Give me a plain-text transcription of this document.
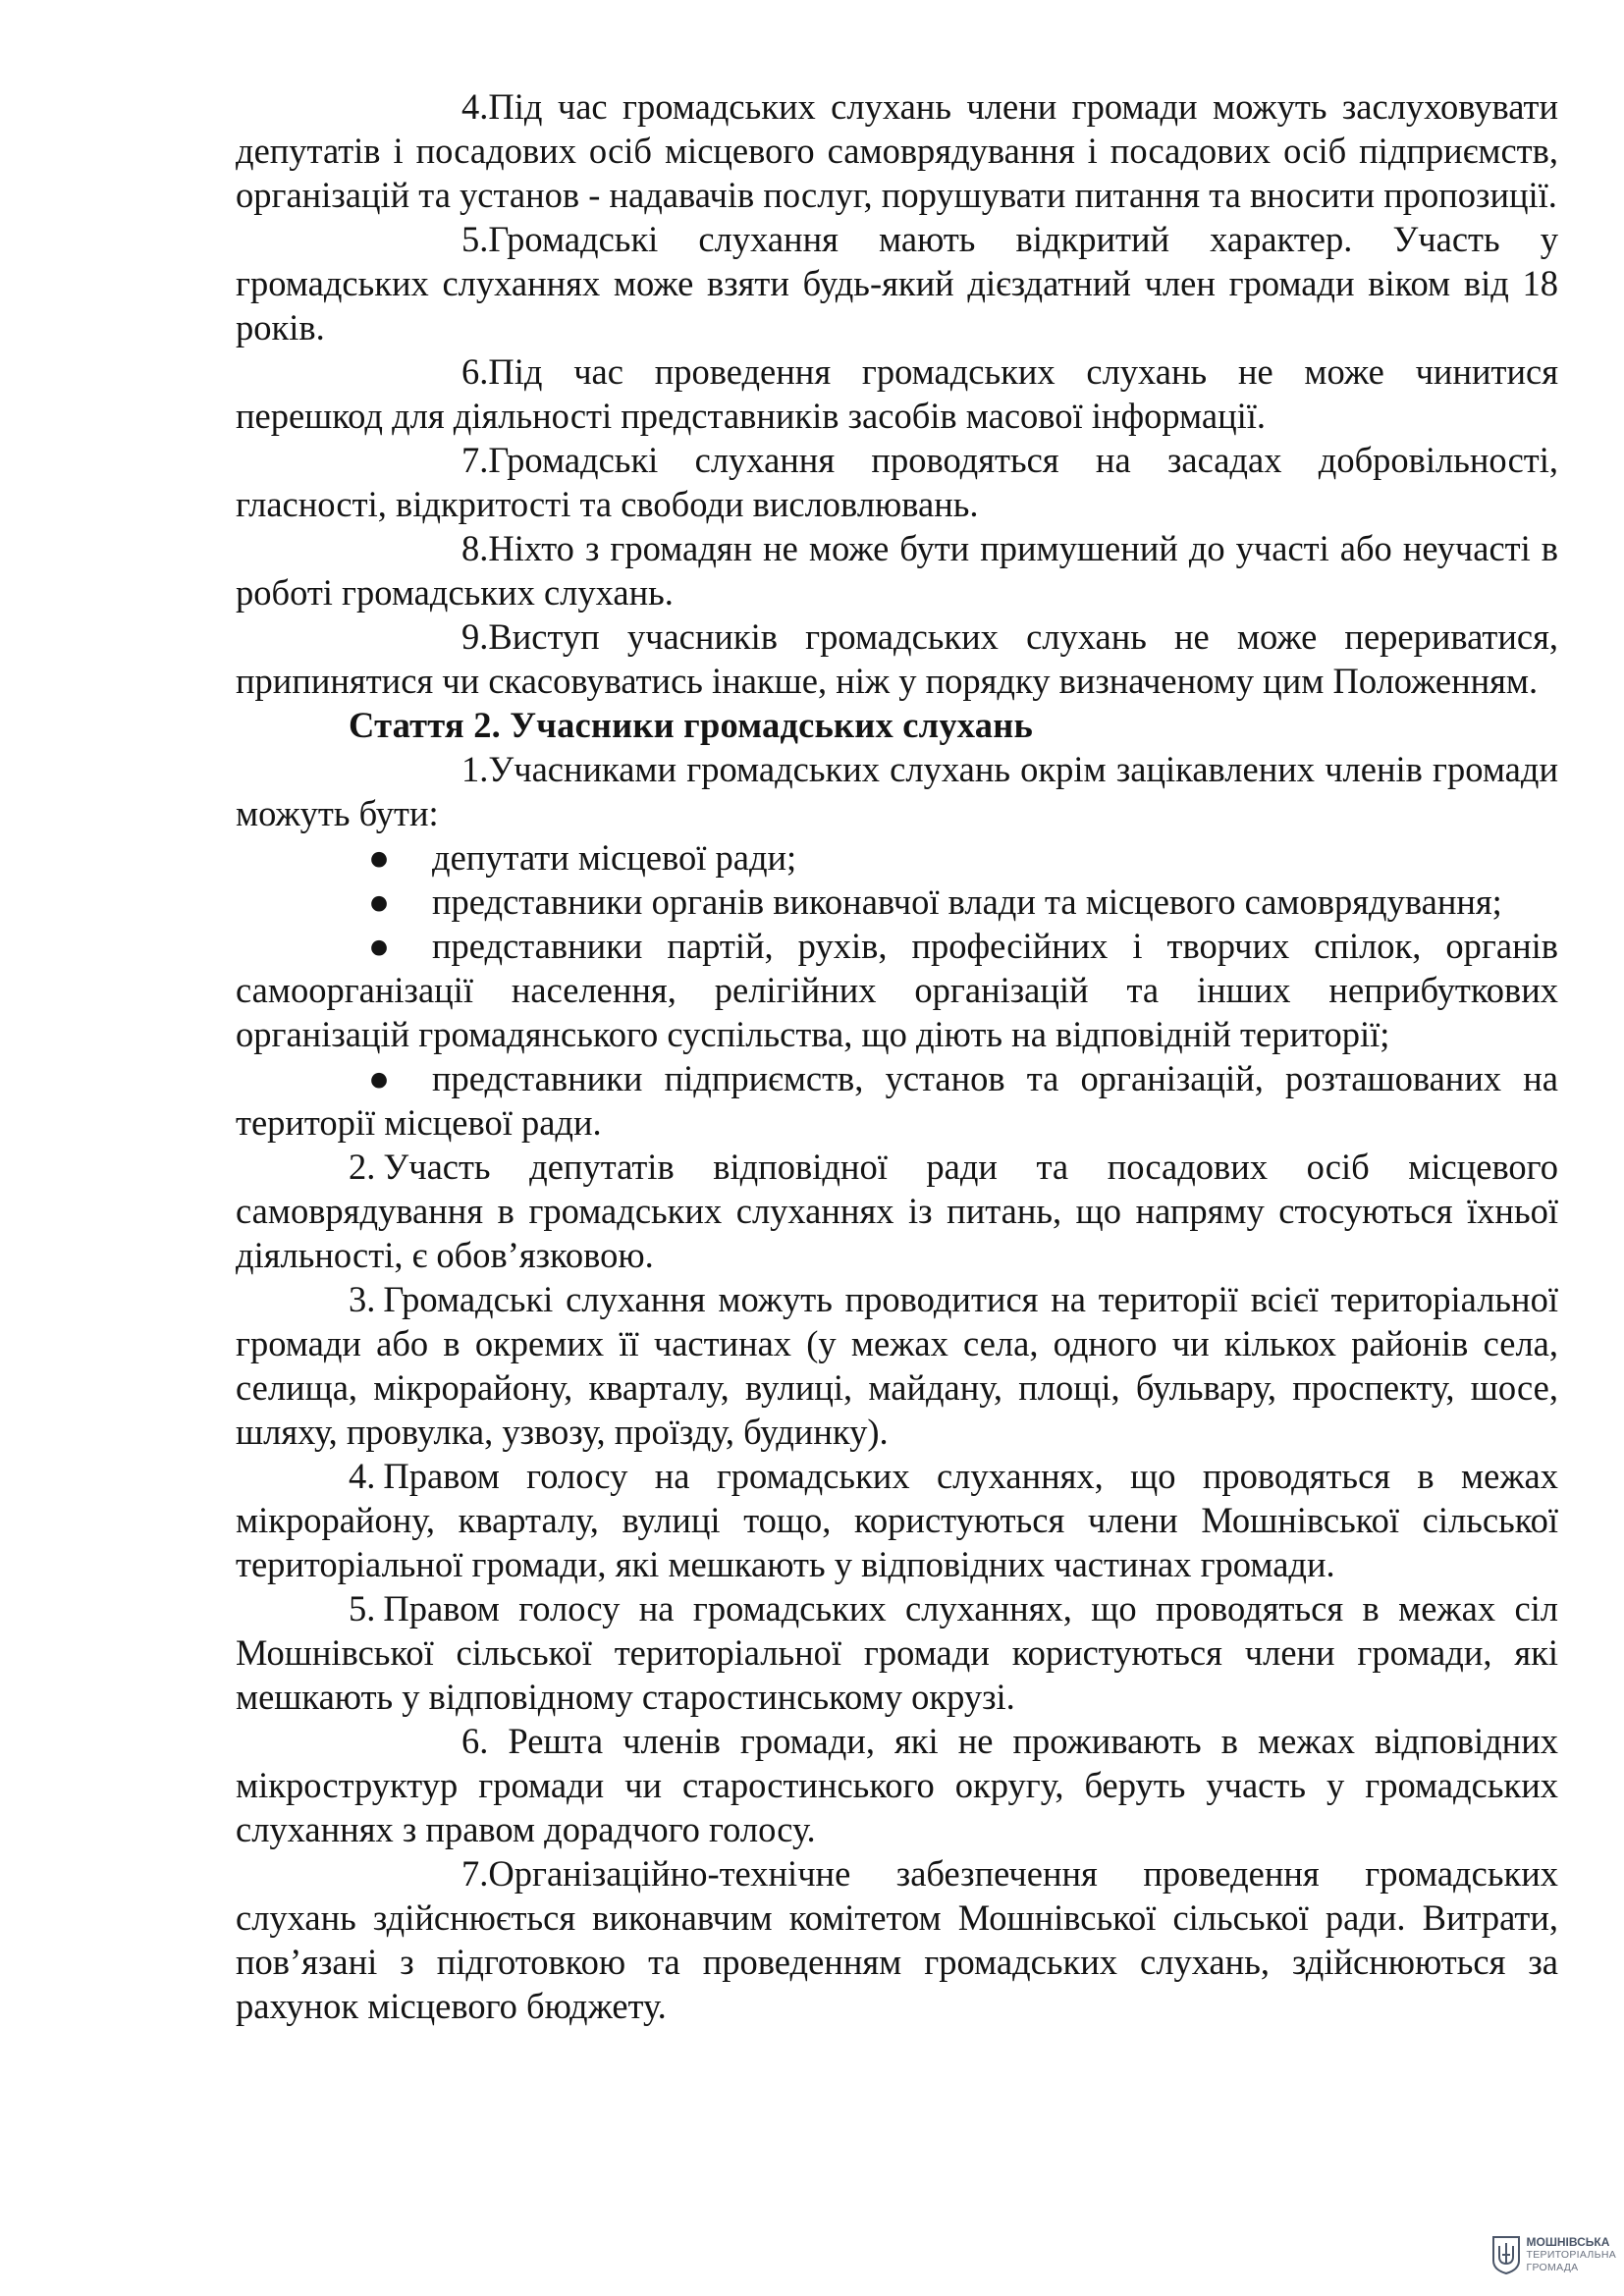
4.Під час громадських слухань члени громади можуть заслуховувати депутатів і посадових осіб місцевого самоврядування і посадових осіб підприємств, організацій та установ - надавачів послуг, порушувати питання та вносити пропозиції.

5.Громадські слухання мають відкритий характер. Участь у громадських слуханнях може взяти будь-який дієздатний член громади віком від 18 років.

6.Під час проведення громадських слухань не може чинитися перешкод для діяльності представників засобів масової інформації.

7.Громадські слухання проводяться на засадах добровільності, гласності, відкритості та свободи висловлювань.

8.Ніхто з громадян не може бути примушений до участі або неучасті в роботі громадських слухань.

9.Виступ учасників громадських слухань не може перериватися, припинятися чи скасовуватись інакше, ніж у порядку визначеному цим Положенням.

Стаття 2. Учасники громадських слухань

1.Учасниками громадських слухань окрім зацікавлених членів громади можуть бути:

● депутати місцевої ради;

● представники органів виконавчої влади та місцевого самоврядування;

● представники партій, рухів, професійних і творчих спілок, органів самоорганізації населення, релігійних організацій та інших неприбуткових організацій громадянського суспільства, що діють на відповідній території;

● представники підприємств, установ та організацій, розташованих на території місцевої ради.

2. Участь депутатів відповідної ради та посадових осіб місцевого самоврядування в громадських слуханнях із питань, що напряму стосуються їхньої діяльності, є обов’язковою.

3. Громадські слухання можуть проводитися на території всієї територіальної громади або в окремих її частинах (у межах села, одного чи кількох районів села, селища, мікрорайону, кварталу, вулиці, майдану, площі, бульвару, проспекту, шосе, шляху, провулка, узвозу, проїзду, будинку).

4. Правом голосу на громадських слуханнях, що проводяться в межах мікрорайону, кварталу, вулиці тощо, користуються члени Мошнівської сільської територіальної громади, які мешкають у відповідних частинах громади.

5. Правом голосу на громадських слуханнях, що проводяться в межах сіл Мошнівської сільської територіальної громади користуються члени громади, які мешкають у відповідному старостинському окрузі.

6. Решта членів громади, які не проживають в межах відповідних мікроструктур громади чи старостинського округу, беруть участь у громадських слуханнях з правом дорадчого голосу.

7.Організаційно-технічне забезпечення проведення громадських слухань здійснюється виконавчим комітетом Мошнівської сільської ради. Витрати, пов’язані з підготовкою та проведенням громадських слухань, здійснюються за рахунок місцевого бюджету.

МОШНІВСЬКА
ТЕРИТОРІАЛЬНА
ГРОМАДА
